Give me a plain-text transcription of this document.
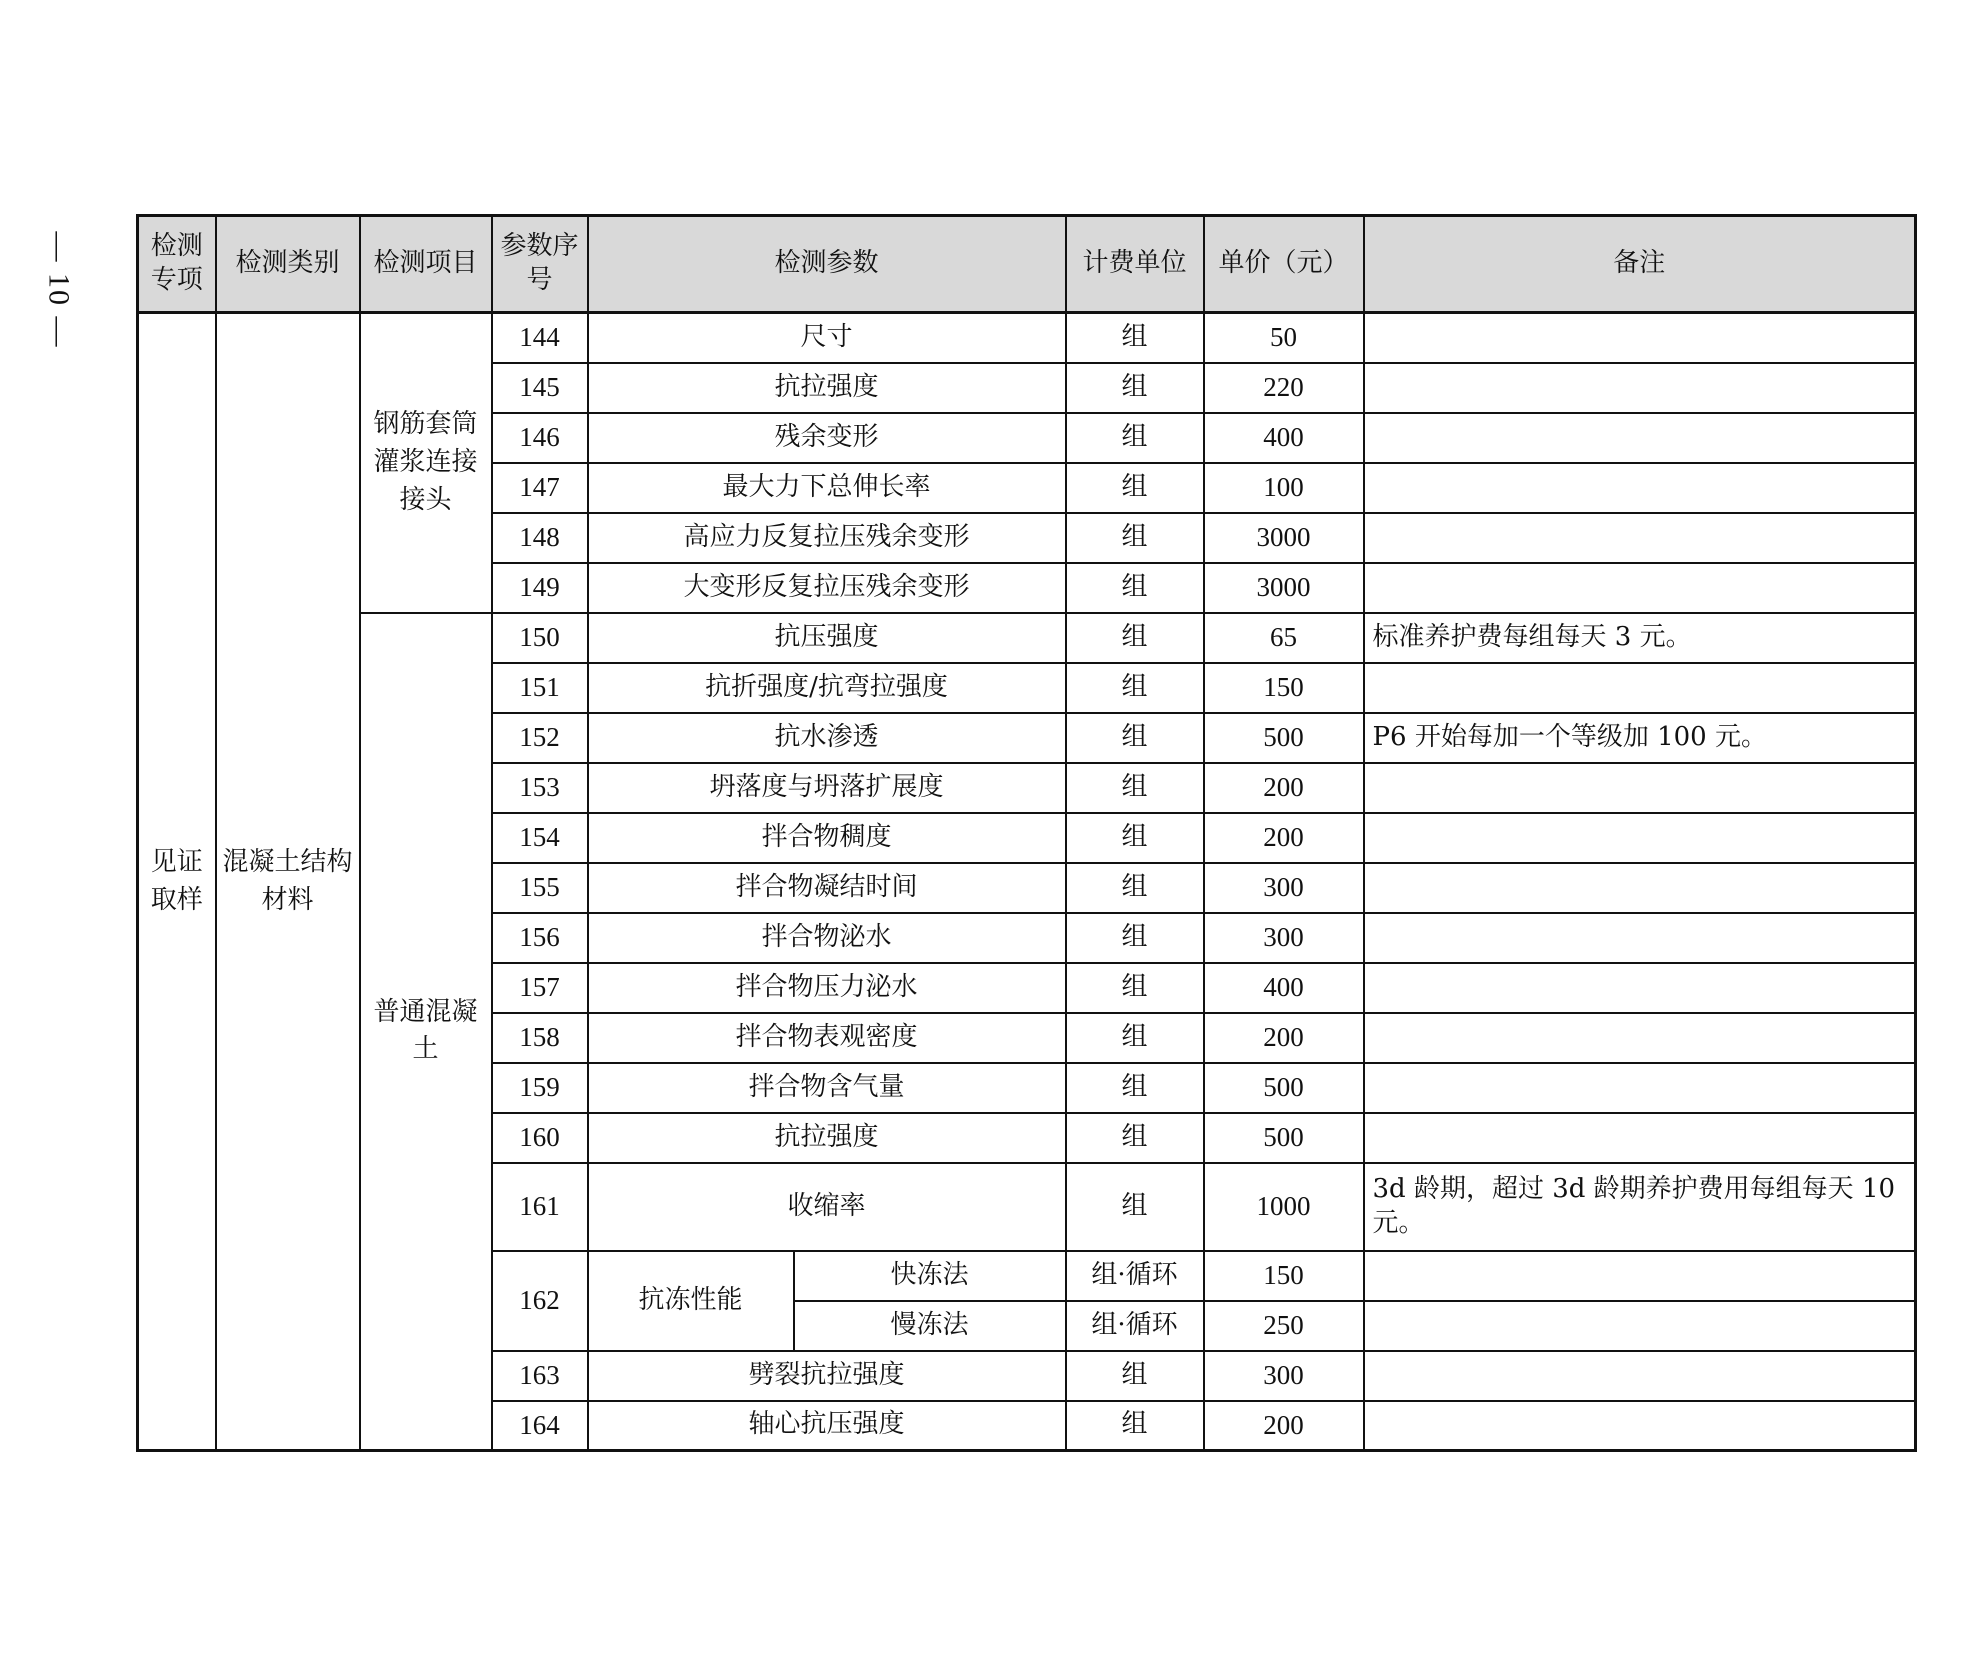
— 10 —	检测专项	检测类别	检测项目	参数序号	检测参数		计费单位	单价（元）	备注
见证取样	混凝土结构材料	钢筋套筒灌浆连接接头	144	尺寸		组	50	
			145	抗拉强度		组	220	
			146	残余变形		组	400	
			147	最大力下总伸长率		组	100	
			148	高应力反复拉压残余变形		组	3000	
			149	大变形反复拉压残余变形		组	3000	
		普通混凝土	150	抗压强度		组	65	标准养护费每组每天 3 元。
			151	抗折强度/抗弯拉强度		组	150	
			152	抗水渗透		组	500	P6 开始每加一个等级加 100 元。
			153	坍落度与坍落扩展度		组	200	
			154	拌合物稠度		组	200	
			155	拌合物凝结时间		组	300	
			156	拌合物泌水		组	300	
			157	拌合物压力泌水		组	400	
			158	拌合物表观密度		组	200	
			159	拌合物含气量		组	500	
			160	抗拉强度		组	500	
			161	收缩率		组	1000	3d 龄期，超过 3d 龄期养护费用每组每天 10 元。
			162	抗冻性能	快冻法	组·循环	150	
					慢冻法	组·循环	250	
			163	劈裂抗拉强度		组	300	
			164	轴心抗压强度		组	200	
